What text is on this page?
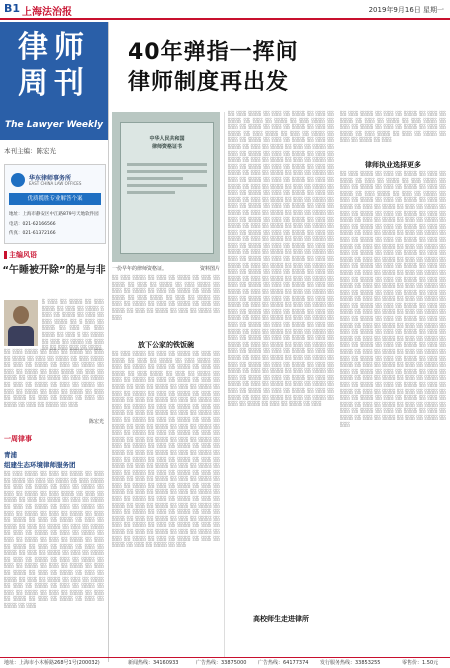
B1 上海法治报	2019年9月16日 星期一
律师周刊
The Lawyer Weekly
本刊主编：陈宏光
华东律师事务所
EAST CHINA LAW OFFICES
优质揽胜专业解答个案
地址：上海市静安区中江路879号天地软件园
电话：021-62166566
传真：021-61372166
主编风语
“午睡被开除”的是与非
░ ░░░ ░░ ░░░░ ░░ ░░░ ░░░░ ░░ ░░░ ░░ ░░░░ ░ ░░░ ░░ ░░░░ ░░ ░░░ ░░ ░░░ ░░░░ ░░ ░ ░░░ ░░ ░░░░ ░░ ░░░ ░░ ░░░ ░░░░ ░░ ░░░ ░ ░░ ░░░░ ░░ ░░░ ░░ ░░░░ ░░ ░░░ ░░ ░░ ░░░ ░░░ ░░ ░░░░
░░ ░░░ ░░░░ ░░ ░░░ ░░ ░░░░ ░░ ░░░ ░░ ░░░░ ░░ ░░░ ░░ ░░░░ ░░ ░░░ ░░░░ ░░ ░░░ ░░ ░░░░ ░░ ░░░ ░░ ░░░░ ░░ ░░░ ░░ ░░░░ ░░ ░░░ ░░░░ ░░ ░░░ ░░ ░░░░ ░░ ░░░ ░░ ░░░░ ░░ ░░░ ░░ ░░░░ ░░ ░░░ ░░ ░░░░ ░░ ░░░ ░░ ░░░░ ░░ ░░░ ░░ ░░░░ ░░ ░░░ ░░ ░░░░ ░░ ░░░ ░░ ░░░░ ░░ ░░░ ░░ ░░░░ ░░ ░░░ ░░ ░░░░ ░░ ░░░ ░░ ░░░░ ░░ ░░░
陈宏光
一周律事
青浦
组建生态环境律师服务团
░░ ░░░ ░░░░ ░░ ░░░ ░░ ░░░░ ░░ ░░░ ░░ ░░░░ ░░ ░░░ ░░ ░░░░ ░░ ░░░ ░░░░ ░░ ░░░ ░░ ░░░░ ░░ ░░░ ░░ ░░░░ ░░ ░░░ ░░ ░░░░ ░░ ░░░ ░░░░ ░░ ░░░ ░░ ░░░░ ░░ ░░░ ░░ ░░░░ ░░ ░░░ ░░ ░░░░ ░░ ░░░ ░░ ░░░░ ░░ ░░░ ░░ ░░░░ ░░ ░░░ ░░ ░░░░ ░░ ░░░ ░░ ░░░░ ░░ ░░░ ░░ ░░░░ ░░ ░░░ ░░ ░░░░ ░░ ░░░ ░░ ░░░░ ░░ ░░░ ░░ ░░░░ ░░ ░░░ ░░ ░░░░ ░░ ░░░ ░░ ░░░░ ░░ ░░░ ░░ ░░░░ ░░ ░░░ ░░ ░░░░ ░░ ░░░ ░░ ░░░░ ░░ ░░░ ░░ ░░░░ ░░ ░░░ ░░ ░░░░ ░░ ░░░ ░░ ░░░░ ░░ ░░░ ░░ ░░░░ ░░ ░░░ ░░ ░░░░ ░░ ░░░ ░░ ░░░░ ░░ ░░░ ░░ ░░░░ ░░ ░░░ ░░ ░░░░ ░░ ░░░ ░░ ░░░░ ░░ ░░░ ░░ ░░░░ ░░ ░░░ ░░ ░░░░ ░░ ░░░ ░░ ░░░░ ░░ ░░░ ░░ ░░░░ ░░ ░░░ ░░ ░░░░ ░░ ░░░ ░░ ░░░░ ░░ ░░░ ░░ ░░░░ ░░ ░░░ ░░ ░░░░ ░░ ░░░ ░░ ░░░░ ░░ ░░░ ░░ ░░░░ ░░ ░░░ ░░ ░░░░ ░░ ░░░ ░░ ░░░░ ░░ ░░░
40年弹指一挥间
律师制度再出发
中华人民共和国
律师资格证书
一份早年的律师资格证。	资料图片
░░ ░░░ ░░░░ ░░ ░░░ ░░ ░░░░ ░░ ░░░ ░░ ░░░░ ░░ ░░░ ░░ ░░░░ ░░ ░░░ ░░░░ ░░ ░░░ ░░ ░░░░ ░░ ░░░ ░░ ░░░░ ░░ ░░░ ░░ ░░░░ ░░ ░░░ ░░░░ ░░ ░░░ ░░ ░░░░ ░░ ░░░ ░░ ░░░░ ░░ ░░░ ░░ ░░░░ ░░ ░░░ ░░ ░░░░ ░░ ░░░ ░░ ░░░░ ░░ ░░░ ░░ ░░░░ ░░ ░░░
放下公家的铁饭碗
░░ ░░░ ░░░░ ░░ ░░░ ░░ ░░░░ ░░ ░░░ ░░ ░░░░ ░░ ░░░ ░░ ░░░░ ░░ ░░░ ░░░░ ░░ ░░░ ░░ ░░░░ ░░ ░░░ ░░ ░░░░ ░░ ░░░ ░░ ░░░░ ░░ ░░░ ░░░░ ░░ ░░░ ░░ ░░░░ ░░ ░░░ ░░ ░░░░ ░░ ░░░ ░░ ░░░░ ░░ ░░░ ░░ ░░░░ ░░ ░░░ ░░ ░░░░ ░░ ░░░ ░░ ░░░░ ░░ ░░░ ░░ ░░░░ ░░ ░░░ ░░ ░░░░ ░░ ░░░ ░░ ░░░░ ░░ ░░░ ░░ ░░░░ ░░ ░░░ ░░ ░░░░ ░░ ░░░ ░░ ░░░░ ░░ ░░░ ░░ ░░░░ ░░ ░░░ ░░ ░░░░ ░░ ░░░ ░░ ░░░░ ░░ ░░░ ░░ ░░░░ ░░ ░░░ ░░ ░░░░ ░░ ░░░ ░░ ░░░░ ░░ ░░░ ░░ ░░░░ ░░ ░░░ ░░ ░░░░ ░░ ░░░ ░░ ░░░░ ░░ ░░░ ░░ ░░░░ ░░ ░░░ ░░ ░░░░ ░░ ░░░ ░░ ░░░░ ░░ ░░░ ░░ ░░░░ ░░ ░░░ ░░ ░░░░ ░░ ░░░ ░░ ░░░░ ░░ ░░░ ░░ ░░░░ ░░ ░░░ ░░ ░░░░ ░░ ░░░ ░░ ░░░░ ░░ ░░░ ░░ ░░░░ ░░ ░░░ ░░ ░░░░ ░░ ░░░ ░░ ░░░░ ░░ ░░░ ░░ ░░░░ ░░ ░░░ ░░ ░░░░ ░░ ░░░ ░░ ░░░░ ░░ ░░░ ░░ ░░░░ ░░ ░░░ ░░ ░░░░ ░░ ░░░ ░░ ░░░░ ░░ ░░░ ░░ ░░░░ ░░ ░░░ ░░ ░░░░ ░░ ░░░ ░░ ░░░░ ░░ ░░░ ░░ ░░░░ ░░ ░░░ ░░ ░░░░ ░░ ░░░ ░░ ░░░░ ░░ ░░░ ░░ ░░░░ ░░ ░░░ ░░ ░░░░ ░░ ░░░ ░░ ░░░░ ░░ ░░░ ░░ ░░░░ ░░ ░░░ ░░ ░░░░ ░░ ░░░ ░░ ░░░░ ░░ ░░░ ░░ ░░░░ ░░ ░░░ ░░ ░░░░ ░░ ░░░ ░░ ░░░░ ░░ ░░░ ░░ ░░░░ ░░ ░░░ ░░ ░░░░ ░░ ░░░ ░░ ░░░░ ░░ ░░░ ░░ ░░░░ ░░ ░░░ ░░ ░░░░ ░░ ░░░ ░░ ░░░░ ░░ ░░░ ░░ ░░░░ ░░ ░░░ ░░ ░░░░ ░░ ░░░ ░░ ░░░░ ░░ ░░░ ░░ ░░░░ ░░ ░░░ ░░ ░░░░ ░░ ░░░
░░ ░░░ ░░░░ ░░ ░░░ ░░ ░░░░ ░░ ░░░ ░░ ░░░░ ░░ ░░░ ░░ ░░░░ ░░ ░░░ ░░░░ ░░ ░░░ ░░ ░░░░ ░░ ░░░ ░░ ░░░░ ░░ ░░░ ░░ ░░░░ ░░ ░░░ ░░░░ ░░ ░░░ ░░ ░░░░ ░░ ░░░ ░░ ░░░░ ░░ ░░░ ░░ ░░░░ ░░ ░░░ ░░ ░░░░ ░░ ░░░ ░░ ░░░░ ░░ ░░░ ░░ ░░░░ ░░ ░░░ ░░ ░░░░ ░░ ░░░ ░░ ░░░░ ░░ ░░░ ░░ ░░░░ ░░ ░░░ ░░ ░░░░ ░░ ░░░ ░░ ░░░░ ░░ ░░░ ░░ ░░░░ ░░ ░░░ ░░ ░░░░ ░░ ░░░ ░░ ░░░░ ░░ ░░░ ░░ ░░░░ ░░ ░░░ ░░ ░░░░ ░░ ░░░ ░░ ░░░░ ░░ ░░░ ░░ ░░░░ ░░ ░░░ ░░ ░░░░ ░░ ░░░ ░░ ░░░░ ░░ ░░░ ░░ ░░░░ ░░ ░░░ ░░ ░░░░ ░░ ░░░ ░░ ░░░░ ░░ ░░░ ░░ ░░░░ ░░ ░░░ ░░ ░░░░ ░░ ░░░ ░░ ░░░░ ░░ ░░░ ░░ ░░░░ ░░ ░░░ ░░ ░░░░ ░░ ░░░ ░░ ░░░░ ░░ ░░░ ░░ ░░░░ ░░ ░░░ ░░ ░░░░ ░░ ░░░ ░░ ░░░░ ░░ ░░░ ░░ ░░░░ ░░ ░░░ ░░ ░░░░ ░░ ░░░ ░░ ░░░░ ░░ ░░░ ░░ ░░░░ ░░ ░░░ ░░ ░░░░ ░░ ░░░ ░░ ░░░░ ░░ ░░░ ░░ ░░░░ ░░ ░░░ ░░ ░░░░ ░░ ░░░ ░░ ░░░░ ░░ ░░░ ░░ ░░░░ ░░ ░░░ ░░ ░░░░ ░░ ░░░ ░░ ░░░░ ░░ ░░░ ░░ ░░░░ ░░ ░░░ ░░ ░░░░ ░░ ░░░ ░░ ░░░░ ░░ ░░░ ░░ ░░░░ ░░ ░░░ ░░ ░░░░ ░░ ░░░ ░░ ░░░░ ░░ ░░░ ░░ ░░░░ ░░ ░░░ ░░ ░░░░ ░░ ░░░ ░░ ░░░░ ░░ ░░░ ░░ ░░░░ ░░ ░░░ ░░ ░░░░ ░░ ░░░ ░░ ░░░░ ░░ ░░░ ░░ ░░░░ ░░ ░░░ ░░ ░░░░ ░░ ░░░ ░░ ░░░░ ░░ ░░░ ░░ ░░░░ ░░ ░░░ ░░ ░░░░ ░░ ░░░ ░░ ░░░░ ░░ ░░░ ░░ ░░░░ ░░ ░░░ ░░ ░░░░ ░░ ░░░ ░░ ░░░░ ░░ ░░░ ░░ ░░░░ ░░ ░░░ ░░ ░░░░ ░░ ░░░ ░░ ░░░░ ░░ ░░░ ░░ ░░░░ ░░ ░░░ ░░ ░░░░ ░░ ░░░ ░░ ░░░░ ░░ ░░░ ░░ ░░░░ ░░ ░░░ ░░ ░░░░ ░░ ░░░ ░░ ░░░░ ░░ ░░░ ░░ ░░░░ ░░ ░░░ ░░ ░░░░ ░░ ░░░ ░░ ░░░░ ░░ ░░░ ░░ ░░░░ ░░ ░░░ ░░ ░░░░ ░░ ░░░ ░░ ░░░░ ░░ ░░░ ░░ ░░░░ ░░ ░░░ ░░ ░░░░ ░░ ░░░ ░░ ░░░░ ░░ ░░░ ░░ ░░░░ ░░ ░░░ ░░ ░░░░ ░░ ░░░ ░░ ░░░░ ░░ ░░░ ░░ ░░░░ ░░ ░░░ ░░ ░░░░ ░░ ░░░ ░░ ░░░░ ░░ ░░░ ░░ ░░░░ ░░ ░░░ ░░ ░░░░ ░░ ░░░ ░░ ░░░░ ░░ ░░░ ░░ ░░░░ ░░ ░░░ ░░ ░░░░ ░░ ░░░ ░░ ░░░░ ░░ ░░░ ░░ ░░░░ ░░ ░░░ ░░ ░░░░ ░░ ░░░ ░░ ░░░░ ░░ ░░░ ░░ ░░░░ ░░ ░░░ ░░ ░░░░ ░░ ░░░ ░░ ░░░░ ░░ ░░░ ░░ ░░░░ ░░ ░░░ ░░ ░░░░ ░░ ░░░
高校师生走进律所
░░ ░░░ ░░░░ ░░ ░░░ ░░ ░░░░ ░░ ░░░ ░░ ░░░░ ░░ ░░░ ░░ ░░░░ ░░ ░░░ ░░░░ ░░ ░░░ ░░ ░░░░ ░░ ░░░ ░░ ░░░░ ░░ ░░░ ░░ ░░░░ ░░ ░░░ ░░░░ ░░ ░░░ ░░ ░░░░ ░░ ░░░ ░░ ░░░░ ░░ ░░░
律师执业选择更多
░░ ░░░ ░░░░ ░░ ░░░ ░░ ░░░░ ░░ ░░░ ░░ ░░░░ ░░ ░░░ ░░ ░░░░ ░░ ░░░ ░░░░ ░░ ░░░ ░░ ░░░░ ░░ ░░░ ░░ ░░░░ ░░ ░░░ ░░ ░░░░ ░░ ░░░ ░░░░ ░░ ░░░ ░░ ░░░░ ░░ ░░░ ░░ ░░░░ ░░ ░░░ ░░ ░░░░ ░░ ░░░ ░░ ░░░░ ░░ ░░░ ░░ ░░░░ ░░ ░░░ ░░ ░░░░ ░░ ░░░ ░░ ░░░░ ░░ ░░░ ░░ ░░░░ ░░ ░░░ ░░ ░░░░ ░░ ░░░ ░░ ░░░░ ░░ ░░░ ░░ ░░░░ ░░ ░░░ ░░ ░░░░ ░░ ░░░ ░░ ░░░░ ░░ ░░░ ░░ ░░░░ ░░ ░░░ ░░ ░░░░ ░░ ░░░ ░░ ░░░░ ░░ ░░░ ░░ ░░░░ ░░ ░░░ ░░ ░░░░ ░░ ░░░ ░░ ░░░░ ░░ ░░░ ░░ ░░░░ ░░ ░░░ ░░ ░░░░ ░░ ░░░ ░░ ░░░░ ░░ ░░░ ░░ ░░░░ ░░ ░░░ ░░ ░░░░ ░░ ░░░ ░░ ░░░░ ░░ ░░░ ░░ ░░░░ ░░ ░░░ ░░ ░░░░ ░░ ░░░ ░░ ░░░░ ░░ ░░░ ░░ ░░░░ ░░ ░░░ ░░ ░░░░ ░░ ░░░ ░░ ░░░░ ░░ ░░░ ░░ ░░░░ ░░ ░░░ ░░ ░░░░ ░░ ░░░ ░░ ░░░░ ░░ ░░░ ░░ ░░░░ ░░ ░░░ ░░ ░░░░ ░░ ░░░ ░░ ░░░░ ░░ ░░░ ░░ ░░░░ ░░ ░░░ ░░ ░░░░ ░░ ░░░ ░░ ░░░░ ░░ ░░░ ░░ ░░░░ ░░ ░░░ ░░ ░░░░ ░░ ░░░ ░░ ░░░░ ░░ ░░░ ░░ ░░░░ ░░ ░░░ ░░ ░░░░ ░░ ░░░ ░░ ░░░░ ░░ ░░░ ░░ ░░░░ ░░ ░░░ ░░ ░░░░ ░░ ░░░ ░░ ░░░░ ░░ ░░░ ░░ ░░░░ ░░ ░░░ ░░ ░░░░ ░░ ░░░ ░░ ░░░░ ░░ ░░░ ░░ ░░░░ ░░ ░░░ ░░ ░░░░ ░░ ░░░ ░░ ░░░░ ░░ ░░░ ░░ ░░░░ ░░ ░░░ ░░ ░░░░ ░░ ░░░ ░░ ░░░░ ░░ ░░░ ░░ ░░░░ ░░ ░░░ ░░ ░░░░ ░░ ░░░ ░░ ░░░░ ░░ ░░░ ░░ ░░░░ ░░ ░░░ ░░ ░░░░ ░░ ░░░ ░░ ░░░░ ░░ ░░░ ░░ ░░░░ ░░ ░░░ ░░ ░░░░ ░░ ░░░ ░░ ░░░░ ░░ ░░░ ░░ ░░░░ ░░ ░░░ ░░ ░░░░ ░░ ░░░ ░░ ░░░░ ░░ ░░░ ░░ ░░░░ ░░ ░░░ ░░ ░░░░ ░░ ░░░ ░░ ░░░░ ░░ ░░░ ░░ ░░░░ ░░ ░░░ ░░ ░░░░ ░░ ░░░ ░░ ░░░░ ░░ ░░░ ░░ ░░░░ ░░ ░░░ ░░ ░░░░ ░░ ░░░ ░░ ░░░░ ░░ ░░░ ░░ ░░░░ ░░ ░░░ ░░ ░░░░ ░░ ░░░ ░░ ░░░░ ░░ ░░░ ░░ ░░░░ ░░ ░░░ ░░ ░░░░ ░░ ░░░ ░░ ░░░░ ░░ ░░░ ░░ ░░░░ ░░ ░░░
地址：上海市小木桥路268号1号(200032)	新闻热线：34160933	广告热线：33875000 广告热线：64177374 发行服务热线：33853255	零售价：1.50元
